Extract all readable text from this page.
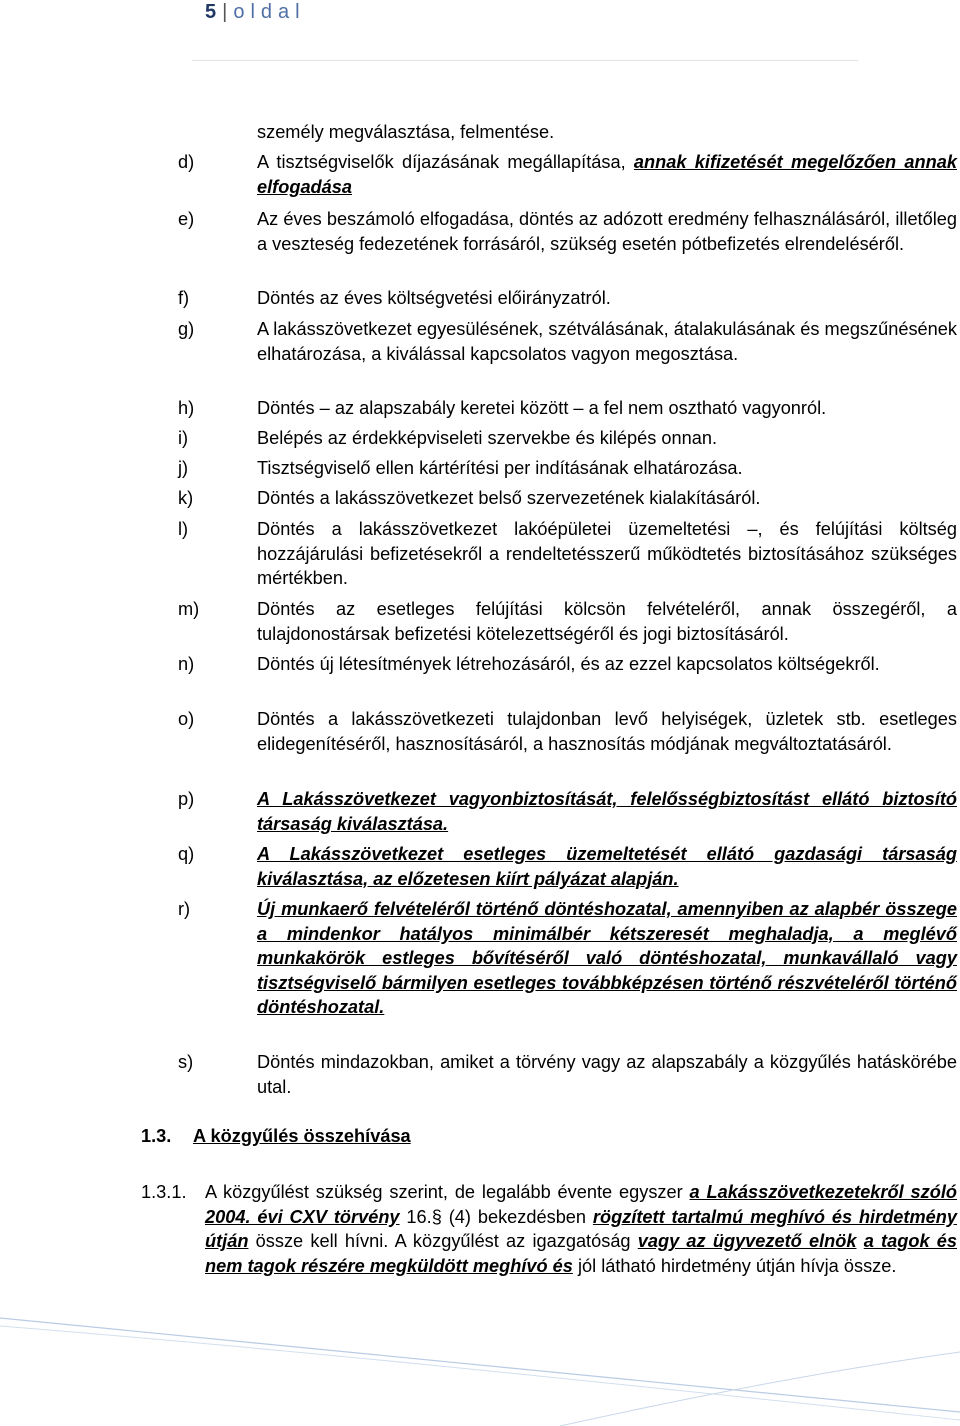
5 | oldal
személy megválasztása, felmentése.
d)	A tisztségviselők díjazásának megállapítása, annak kifizetését megelőzően annak elfogadása
e)	Az éves beszámoló elfogadása, döntés az adózott eredmény felhasználásáról, illetőleg a veszteség fedezetének forrásáról, szükség esetén pótbefizetés elrendeléséről.
f)	Döntés az éves költségvetési előirányzatról.
g)	A lakásszövetkezet egyesülésének, szétválásának, átalakulásának és megszűnésének elhatározása, a kiválással kapcsolatos vagyon megosztása.
h)	Döntés – az alapszabály keretei között – a fel nem osztható vagyonról.
i)	Belépés az érdekképviseleti szervekbe és kilépés onnan.
j)	Tisztségviselő ellen kártérítési per indításának elhatározása.
k)	Döntés a lakásszövetkezet belső szervezetének kialakításáról.
l)	Döntés a lakásszövetkezet lakóépületei üzemeltetési –, és felújítási költség hozzájárulási befizetésekről a rendeltetésszerű működtetés biztosításához szükséges mértékben.
m)	Döntés az esetleges felújítási kölcsön felvételéről, annak összegéről, a tulajdonostársak befizetési kötelezettségéről és jogi biztosításáról.
n)	Döntés új létesítmények létrehozásáról, és az ezzel kapcsolatos költségekről.
o)	Döntés a lakásszövetkezeti tulajdonban levő helyiségek, üzletek stb. esetleges elidegenítéséről, hasznosításáról, a hasznosítás módjának megváltoztatásáról.
p)	A Lakásszövetkezet vagyonbiztosítását, felelősségbiztosítást ellátó biztosító társaság kiválasztása.
q)	A Lakásszövetkezet esetleges üzemeltetését ellátó gazdasági társaság kiválasztása, az előzetesen kiírt pályázat alapján.
r)	Új munkaerő felvételéről történő döntéshozatal, amennyiben az alapbér összege a mindenkor hatályos minimálbér kétszeresét meghaladja, a meglévő munkakörök estleges bővítéséről való döntéshozatal, munkavállaló vagy tisztségviselő bármilyen esetleges továbbképzésen történő részvételéről történő döntéshozatal.
s)	Döntés mindazokban, amiket a törvény vagy az alapszabály a közgyűlés hatáskörébe utal.
1.3. A közgyűlés összehívása
1.3.1. A közgyűlést szükség szerint, de legalább évente egyszer a Lakásszövetkezetekről szóló 2004. évi CXV törvény 16.§ (4) bekezdésben rögzített tartalmú meghívó és hirdetmény útján össze kell hívni. A közgyűlést az igazgatóság vagy az ügyvezető elnök a tagok és nem tagok részére megküldött meghívó és jól látható hirdetmény útján hívja össze.
